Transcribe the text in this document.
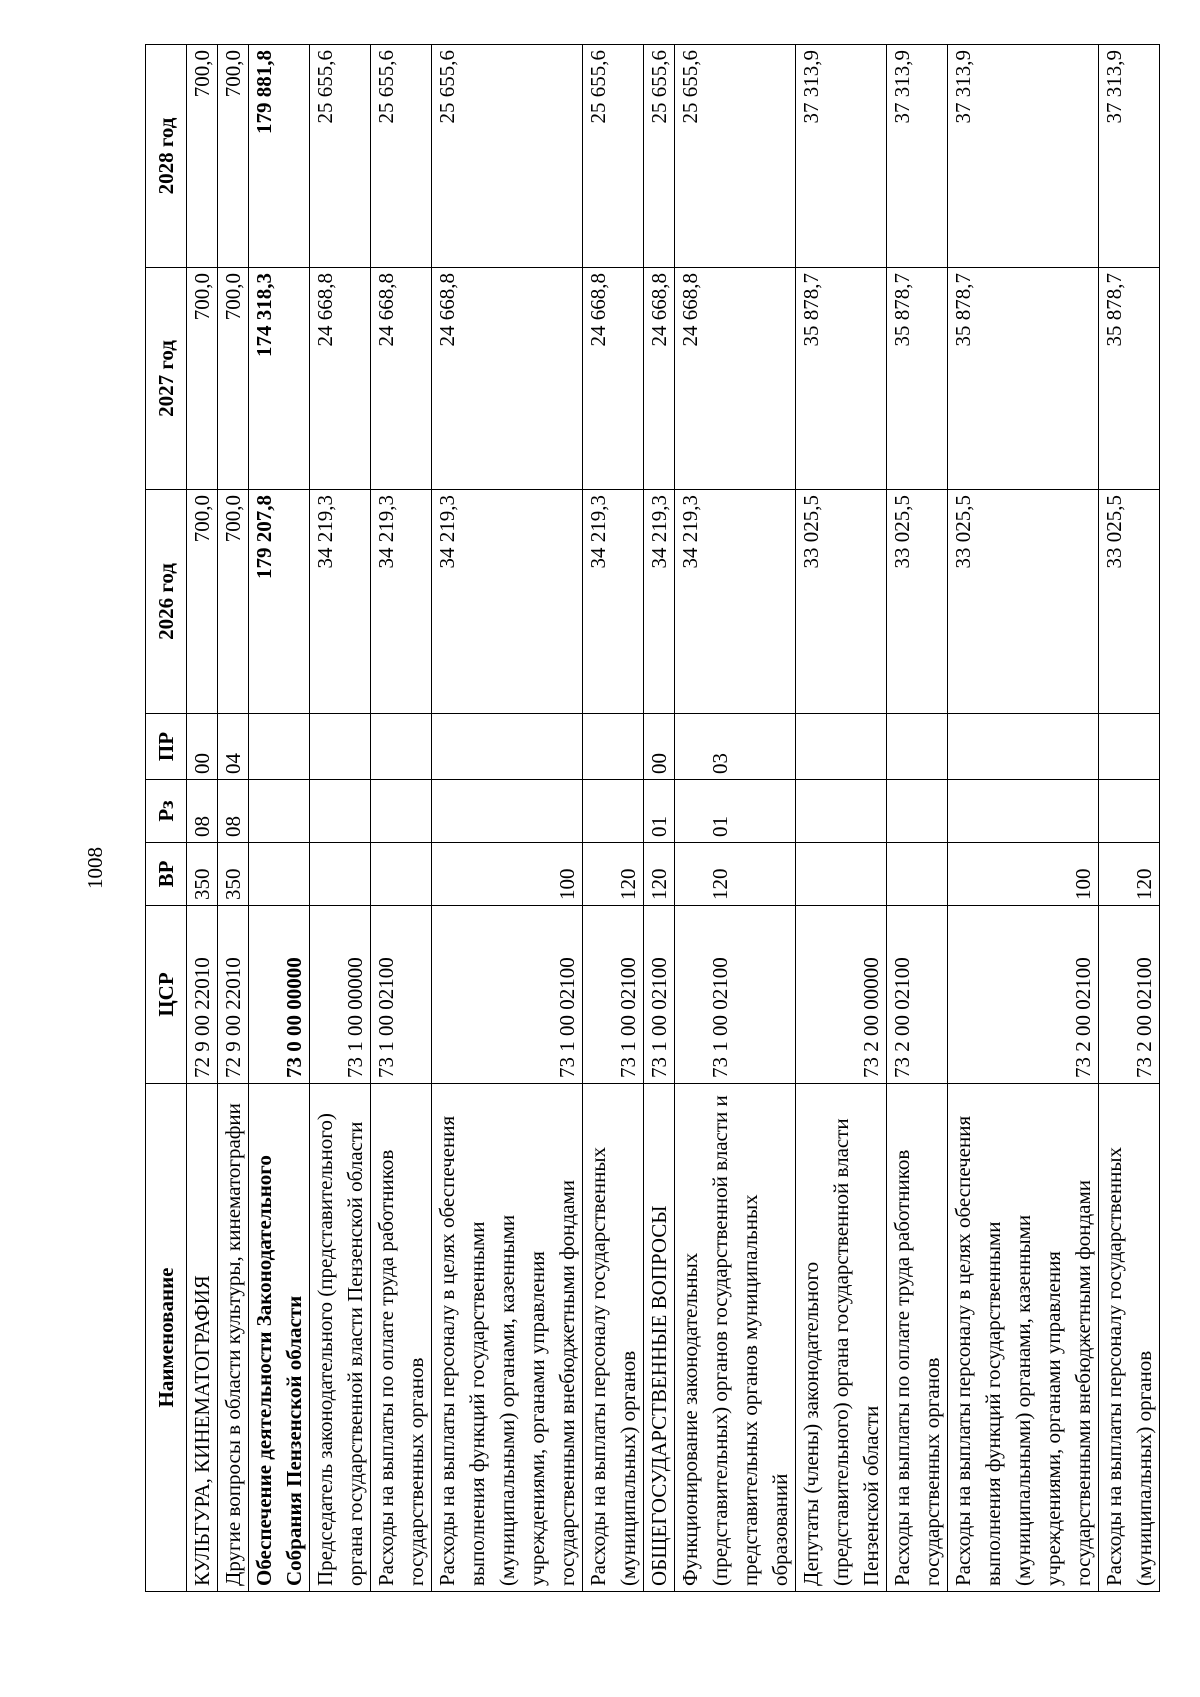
1008
Наименование	ЦСР	ВР	Рз	ПР	2026 год	2027 год	2028 год
КУЛЬТУРА, КИНЕМАТОГРАФИЯ	72 9 00 22010	350	08	00	700,0	700,0	700,0
Другие вопросы в области культуры, кинематографии	72 9 00 22010	350	08	04	700,0	700,0	700,0
Обеспечение деятельности Законодательного Собрания Пензенской области	73 0 00 00000				179 207,8	174 318,3	179 881,8
Председатель законодательного (представительного) органа государственной власти Пензенской области	73 1 00 00000				34 219,3	24 668,8	25 655,6
Расходы на выплаты по оплате труда работников государственных органов	73 1 00 02100				34 219,3	24 668,8	25 655,6
Расходы на выплаты персоналу в целях обеспечения выполнения функций государственными (муниципальными) органами, казенными учреждениями, органами управления государственными внебюджетными фондами	73 1 00 02100	100			34 219,3	24 668,8	25 655,6
Расходы на выплаты персоналу государственных (муниципальных) органов	73 1 00 02100	120			34 219,3	24 668,8	25 655,6
ОБЩЕГОСУДАРСТВЕННЫЕ ВОПРОСЫ	73 1 00 02100	120	01	00	34 219,3	24 668,8	25 655,6
Функционирование законодательных (представительных) органов государственной власти и представительных органов муниципальных образований	73 1 00 02100	120	01	03	34 219,3	24 668,8	25 655,6
Депутаты (члены) законодательного (представительного) органа государственной власти Пензенской области	73 2 00 00000				33 025,5	35 878,7	37 313,9
Расходы на выплаты по оплате труда работников государственных органов	73 2 00 02100				33 025,5	35 878,7	37 313,9
Расходы на выплаты персоналу в целях обеспечения выполнения функций государственными (муниципальными) органами, казенными учреждениями, органами управления государственными внебюджетными фондами	73 2 00 02100	100			33 025,5	35 878,7	37 313,9
Расходы на выплаты персоналу государственных (муниципальных) органов	73 2 00 02100	120			33 025,5	35 878,7	37 313,9
